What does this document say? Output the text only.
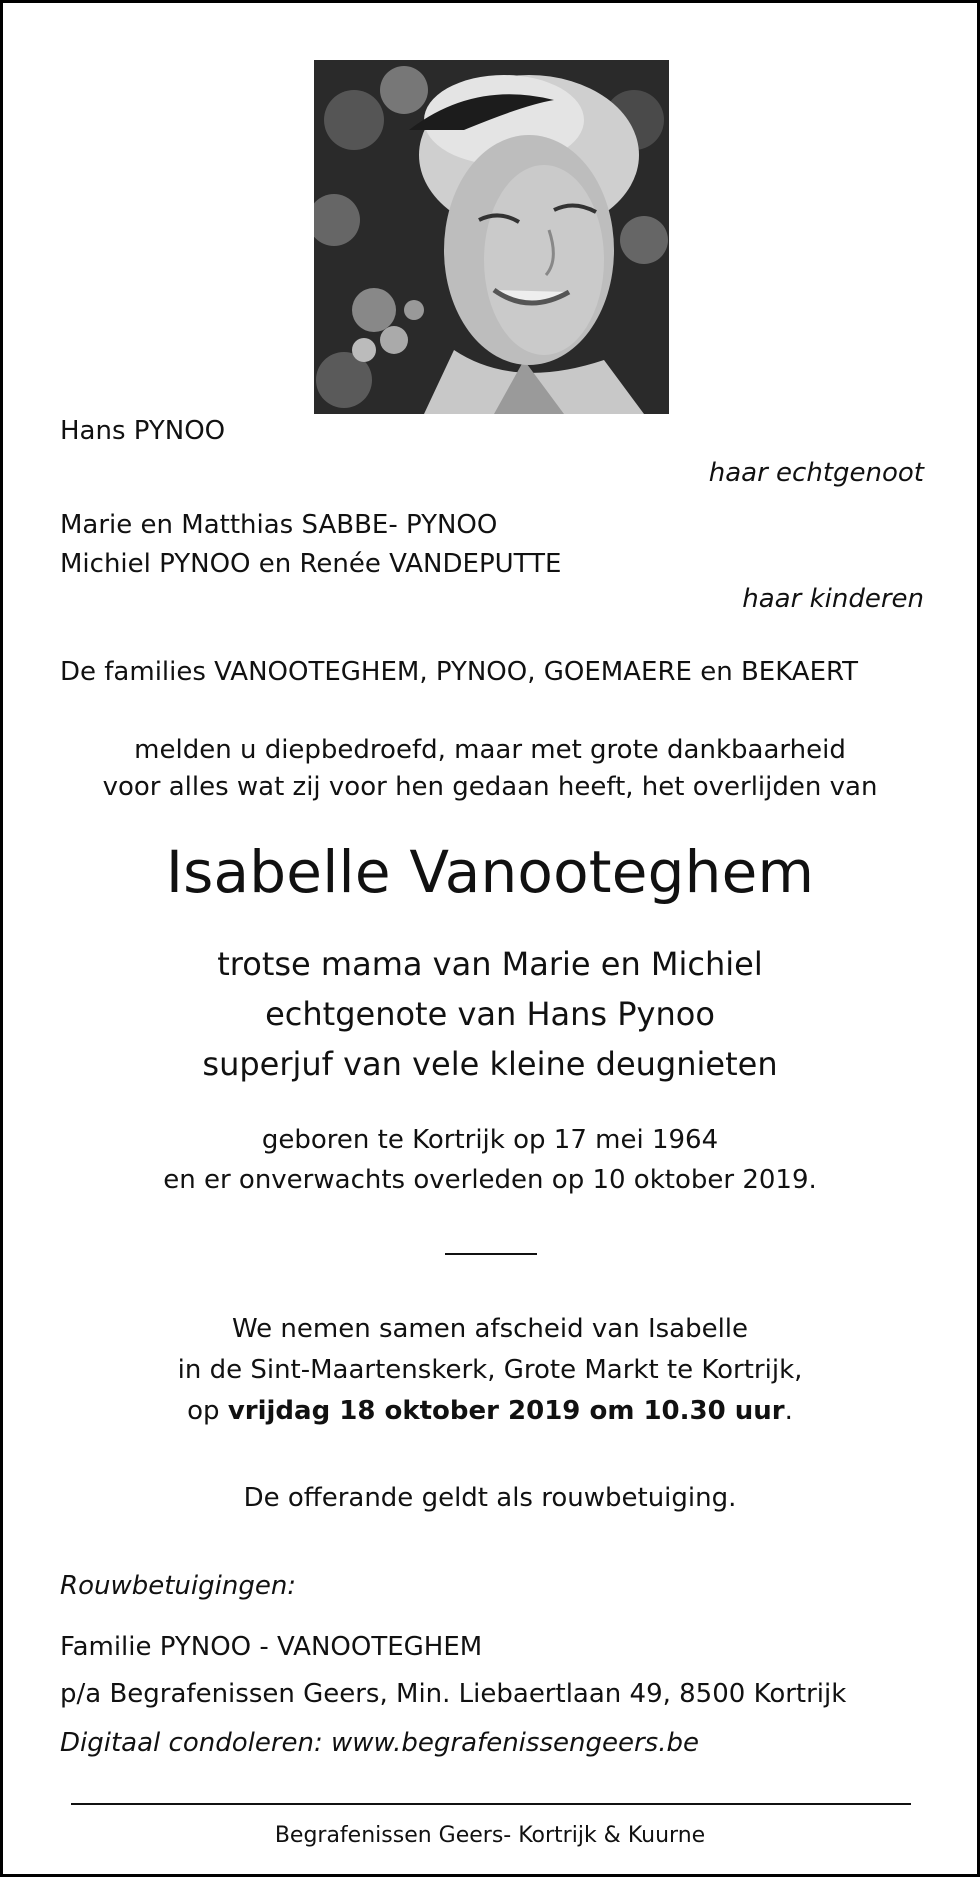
Hans PYNOO
haar echtgenoot
Marie en Matthias SABBE- PYNOO
Michiel PYNOO en Renée VANDEPUTTE
haar kinderen
De families VANOOTEGHEM, PYNOO, GOEMAERE en BEKAERT
melden u diepbedroefd, maar met grote dankbaarheid
voor alles wat zij voor hen gedaan heeft, het overlijden van
Isabelle Vanooteghem
trotse mama van Marie en Michiel
echtgenote van Hans Pynoo
superjuf van vele kleine deugnieten
geboren te Kortrijk op 17 mei 1964
en er onverwachts overleden op 10 oktober 2019.
We nemen samen afscheid van Isabelle
in de Sint-Maartenskerk, Grote Markt te Kortrijk,
op vrijdag 18 oktober 2019 om 10.30 uur.
De offerande geldt als rouwbetuiging.
Rouwbetuigingen:
Familie PYNOO - VANOOTEGHEM
p/a Begrafenissen Geers, Min. Liebaertlaan 49, 8500 Kortrijk
Digitaal condoleren: www.begrafenissengeers.be
Begrafenissen Geers- Kortrijk & Kuurne
